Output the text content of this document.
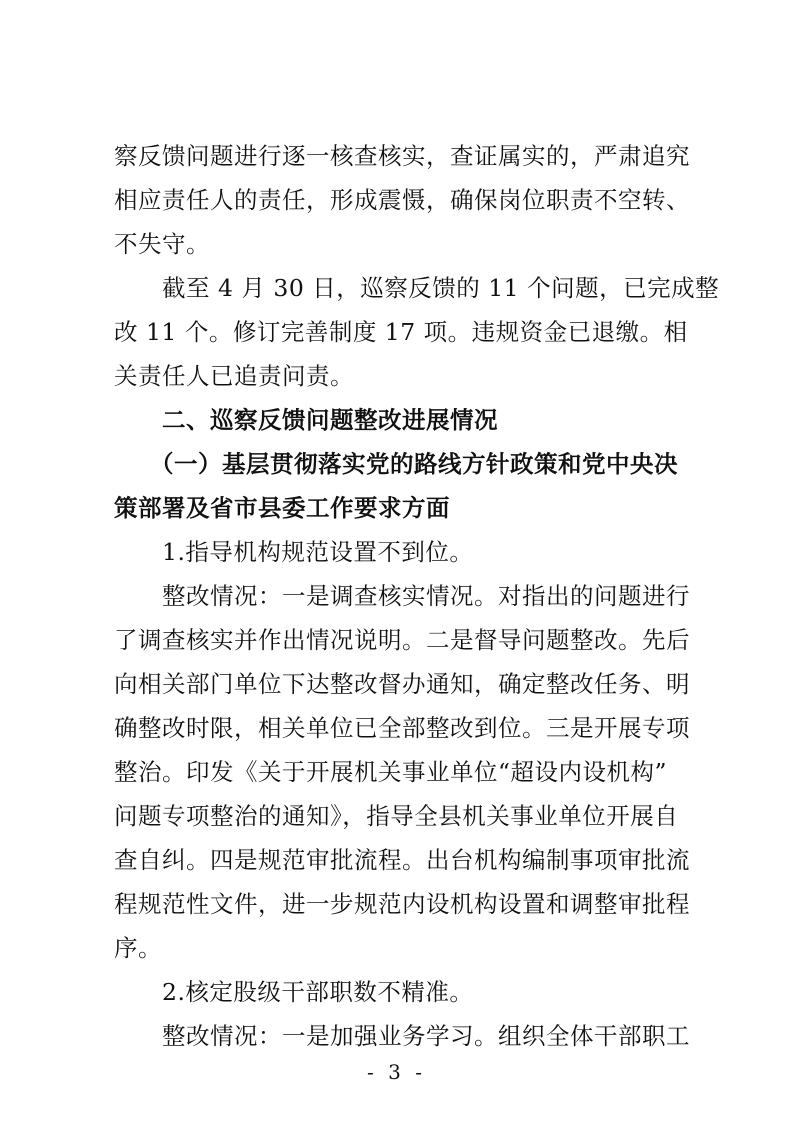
察反馈问题进行逐一核查核实，查证属实的，严肃追究
相应责任人的责任，形成震慑，确保岗位职责不空转、
不失守。
截至 4 月 30 日，巡察反馈的 11 个问题，已完成整
改 11 个。修订完善制度 17 项。违规资金已退缴。相
关责任人已追责问责。
二、巡察反馈问题整改进展情况
（一）基层贯彻落实党的路线方针政策和党中央决
策部署及省市县委工作要求方面
1.指导机构规范设置不到位。
整改情况：一是调查核实情况。对指出的问题进行
了调查核实并作出情况说明。二是督导问题整改。先后
向相关部门单位下达整改督办通知，确定整改任务、明
确整改时限，相关单位已全部整改到位。三是开展专项
整治。印发《关于开展机关事业单位“超设内设机构”
问题专项整治的通知》，指导全县机关事业单位开展自
查自纠。四是规范审批流程。出台机构编制事项审批流
程规范性文件，进一步规范内设机构设置和调整审批程
序。
2.核定股级干部职数不精准。
整改情况：一是加强业务学习。组织全体干部职工
- 3 -
